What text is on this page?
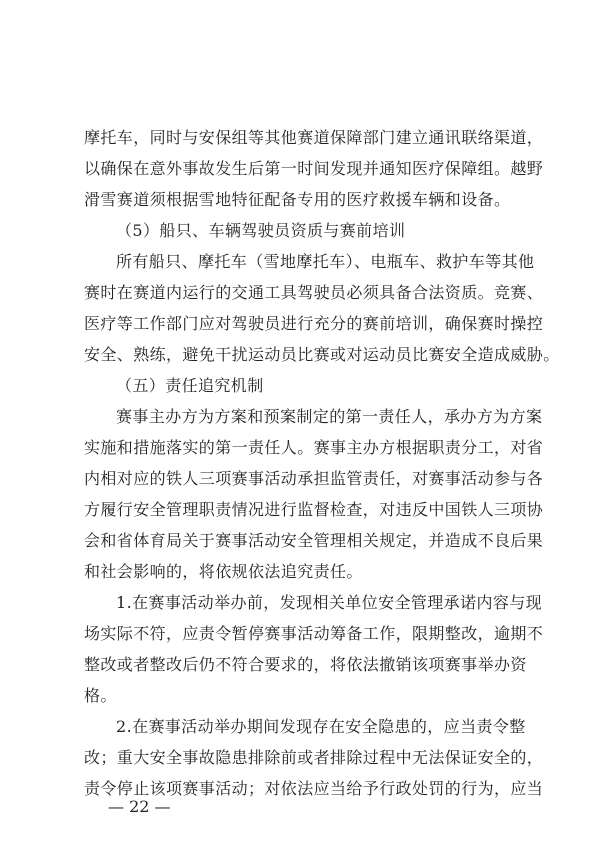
摩托车，同时与安保组等其他赛道保障部门建立通讯联络渠道，
以确保在意外事故发生后第一时间发现并通知医疗保障组。越野
滑雪赛道须根据雪地特征配备专用的医疗救援车辆和设备。
（5）船只、车辆驾驶员资质与赛前培训
所有船只、摩托车（雪地摩托车）、电瓶车、救护车等其他
赛时在赛道内运行的交通工具驾驶员必须具备合法资质。竞赛、
医疗等工作部门应对驾驶员进行充分的赛前培训，确保赛时操控
安全、熟练，避免干扰运动员比赛或对运动员比赛安全造成威胁。
（五）责任追究机制
赛事主办方为方案和预案制定的第一责任人，承办方为方案
实施和措施落实的第一责任人。赛事主办方根据职责分工，对省
内相对应的铁人三项赛事活动承担监管责任，对赛事活动参与各
方履行安全管理职责情况进行监督检查，对违反中国铁人三项协
会和省体育局关于赛事活动安全管理相关规定，并造成不良后果
和社会影响的，将依规依法追究责任。
1.在赛事活动举办前，发现相关单位安全管理承诺内容与现
场实际不符，应责令暂停赛事活动筹备工作，限期整改，逾期不
整改或者整改后仍不符合要求的，将依法撤销该项赛事举办资
格。
2.在赛事活动举办期间发现存在安全隐患的，应当责令整
改；重大安全事故隐患排除前或者排除过程中无法保证安全的，
责令停止该项赛事活动；对依法应当给予行政处罚的行为，应当
— 22 —
